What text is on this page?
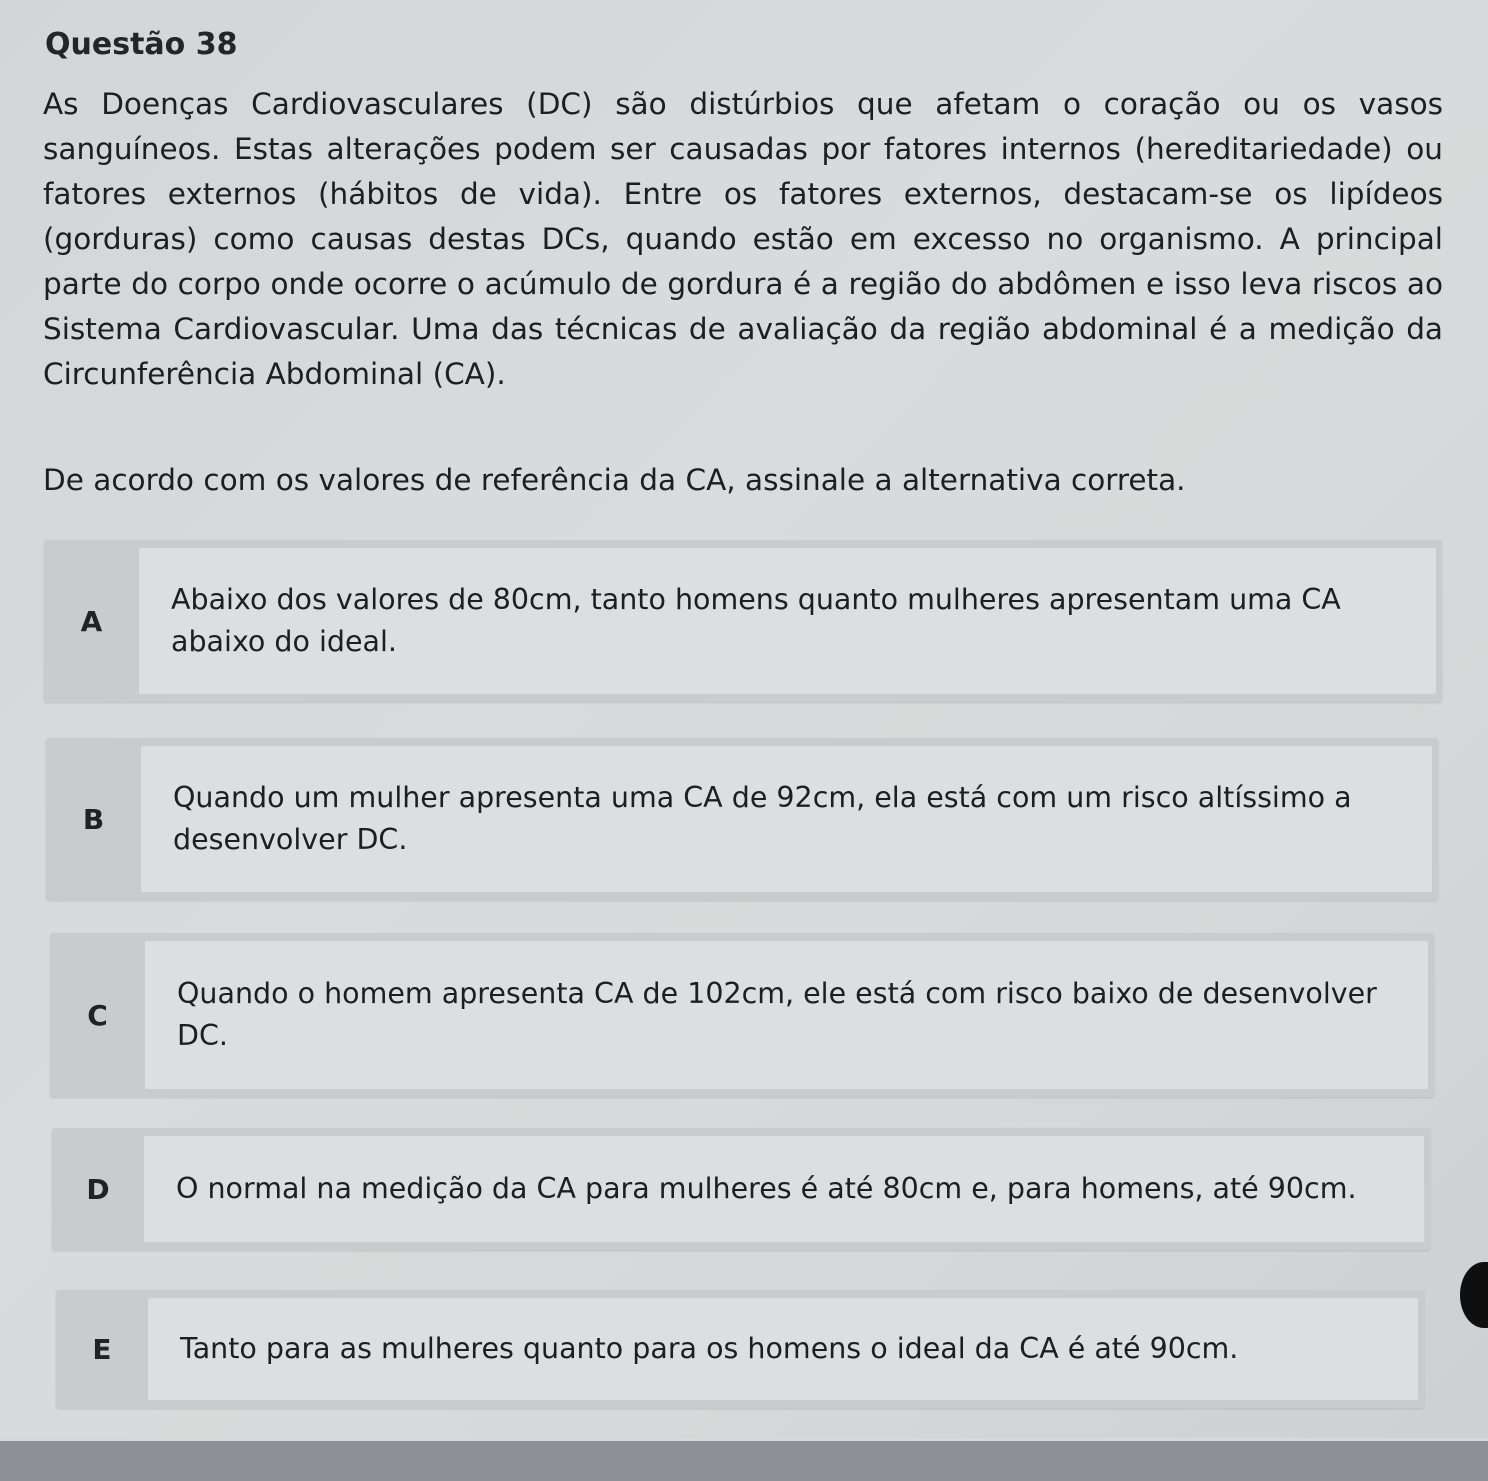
Questão 38
As Doenças Cardiovasculares (DC) são distúrbios que afetam o coração ou os vasos sanguíneos. Estas alterações podem ser causadas por fatores internos (hereditariedade) ou fatores externos (hábitos de vida). Entre os fatores externos, destacam-se os lipídeos (gorduras) como causas destas DCs, quando estão em excesso no organismo. A principal parte do corpo onde ocorre o acúmulo de gordura é a região do abdômen e isso leva riscos ao Sistema Cardiovascular. Uma das técnicas de avaliação da região abdominal é a medição da Circunferência Abdominal (CA).
De acordo com os valores de referência da CA, assinale a alternativa correta.
A
Abaixo dos valores de 80cm, tanto homens quanto mulheres apresentam uma CA abaixo do ideal.
B
Quando um mulher apresenta uma CA de 92cm, ela está com um risco altíssimo a desenvolver DC.
C
Quando o homem apresenta CA de 102cm, ele está com risco baixo de desenvolver DC.
D	O normal na medição da CA para mulheres é até 80cm e, para homens, até 90cm.
E	Tanto para as mulheres quanto para os homens o ideal da CA é até 90cm.
